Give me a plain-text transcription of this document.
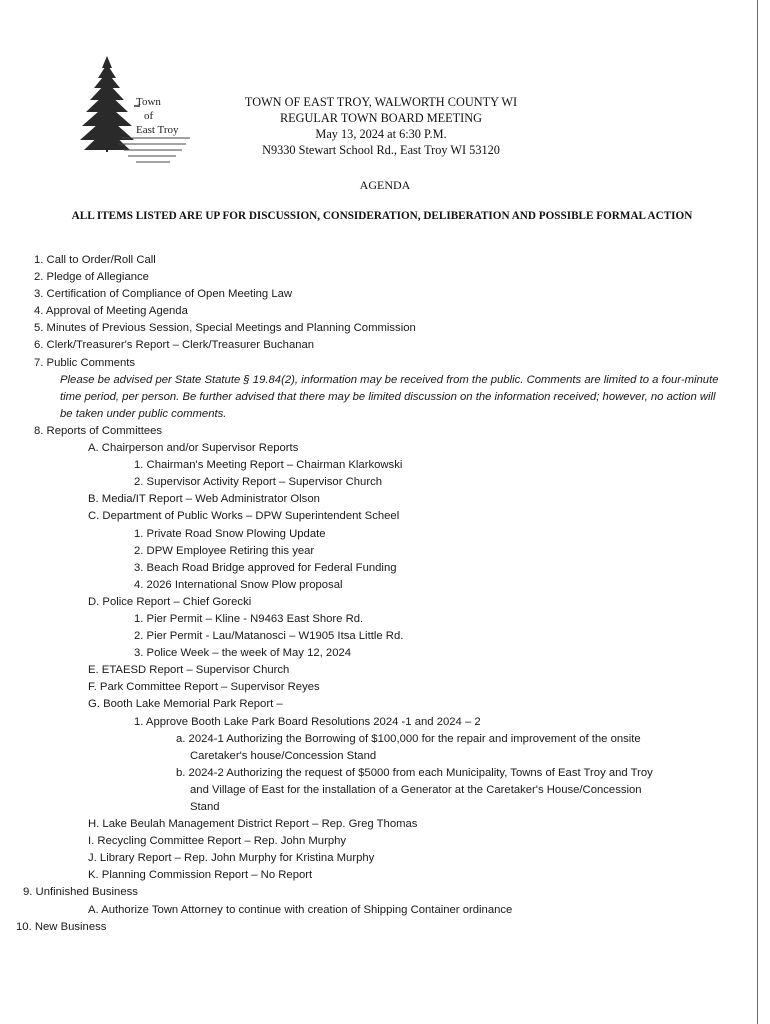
Town
of
East Troy
TOWN OF EAST TROY, WALWORTH COUNTY WI
REGULAR TOWN BOARD MEETING
May 13, 2024 at 6:30 P.M.
N9330 Stewart School Rd., East Troy WI 53120
AGENDA
ALL ITEMS LISTED ARE UP FOR DISCUSSION, CONSIDERATION, DELIBERATION AND POSSIBLE FORMAL ACTION
1. Call to Order/Roll Call
2. Pledge of Allegiance
3. Certification of Compliance of Open Meeting Law
4. Approval of Meeting Agenda
5. Minutes of Previous Session, Special Meetings and Planning Commission
6. Clerk/Treasurer's Report – Clerk/Treasurer Buchanan
7. Public Comments
Please be advised per State Statute § 19.84(2), information may be received from the public. Comments are limited to a four-minute time period, per person. Be further advised that there may be limited discussion on the information received; however, no action will be taken under public comments.
8. Reports of Committees
A. Chairperson and/or Supervisor Reports
1. Chairman's Meeting Report – Chairman Klarkowski
2. Supervisor Activity Report – Supervisor Church
B. Media/IT Report – Web Administrator Olson
C. Department of Public Works – DPW Superintendent Scheel
1. Private Road Snow Plowing Update
2. DPW Employee Retiring this year
3. Beach Road Bridge approved for Federal Funding
4. 2026 International Snow Plow proposal
D. Police Report – Chief Gorecki
1. Pier Permit – Kline - N9463 East Shore Rd.
2. Pier Permit - Lau/Matanosci – W1905 Itsa Little Rd.
3. Police Week – the week of May 12, 2024
E. ETAESD Report – Supervisor Church
F. Park Committee Report – Supervisor Reyes
G. Booth Lake Memorial Park Report –
1. Approve Booth Lake Park Board Resolutions 2024 -1 and 2024 – 2
a. 2024-1 Authorizing the Borrowing of $100,000 for the repair and improvement of the onsite
Caretaker's house/Concession Stand
b. 2024-2 Authorizing the request of $5000 from each Municipality, Towns of East Troy and Troy
and Village of East for the installation of a Generator at the Caretaker's House/Concession
Stand
H. Lake Beulah Management District Report – Rep. Greg Thomas
I. Recycling Committee Report – Rep. John Murphy
J. Library Report – Rep. John Murphy for Kristina Murphy
K. Planning Commission Report – No Report
9. Unfinished Business
A. Authorize Town Attorney to continue with creation of Shipping Container ordinance
10. New Business
